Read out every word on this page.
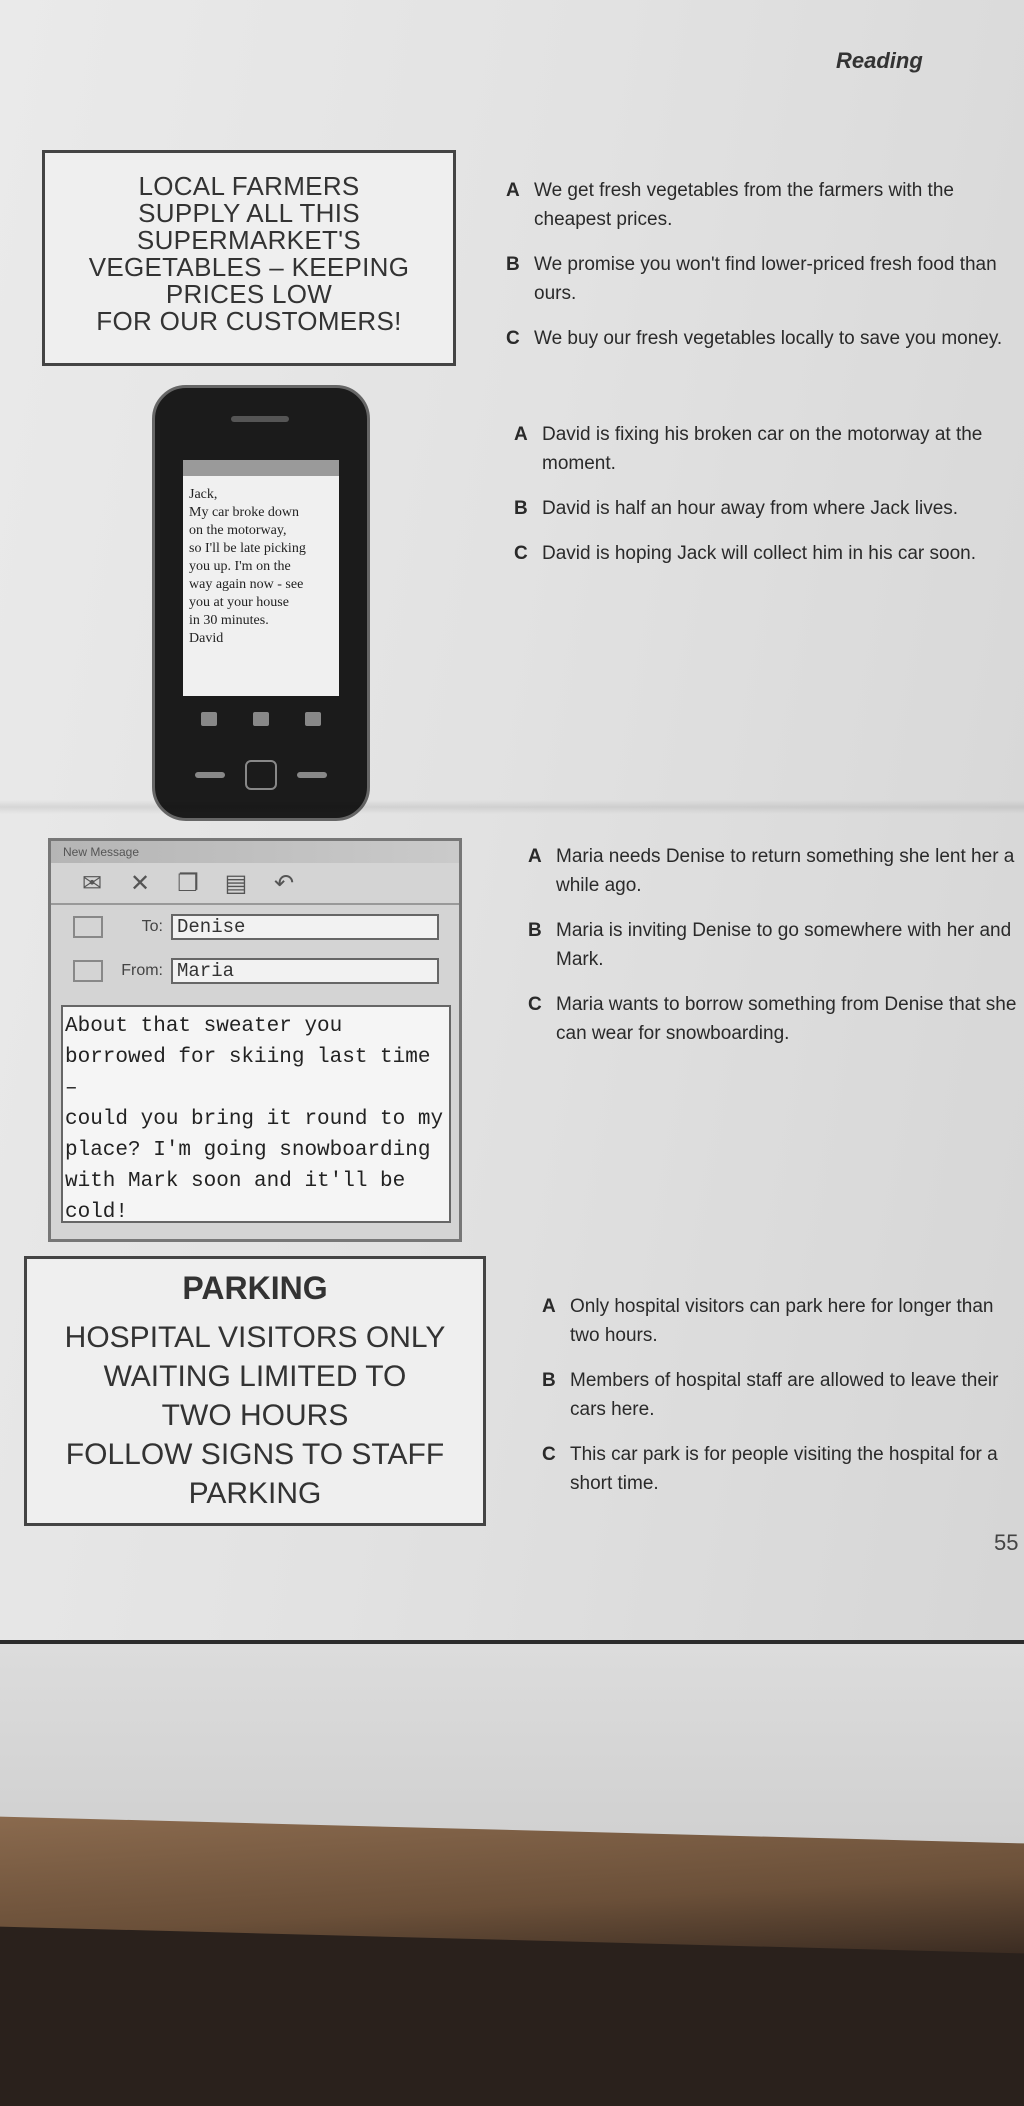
Reading
LOCAL FARMERS
SUPPLY ALL THIS
SUPERMARKET'S
VEGETABLES – KEEPING
PRICES LOW
FOR OUR CUSTOMERS!
A We get fresh vegetables from the farmers with the cheapest prices.
B We promise you won't find lower-priced fresh food than ours.
C We buy our fresh vegetables locally to save you money.
Jack,
My car broke down
on the motorway,
so I'll be late picking
you up. I'm on the
way again now - see
you at your house
in 30 minutes.
David
A David is fixing his broken car on the motorway at the moment.
B David is half an hour away from where Jack lives.
C David is hoping Jack will collect him in his car soon.
New Message
✉ ✕ ❐ ▤ ↶
To: Denise
From: Maria
About that sweater you
borrowed for skiing last time –
could you bring it round to my
place? I'm going snowboarding
with Mark soon and it'll be
cold!
A Maria needs Denise to return something she lent her a while ago.
B Maria is inviting Denise to go somewhere with her and Mark.
C Maria wants to borrow something from Denise that she can wear for snowboarding.
PARKING
HOSPITAL VISITORS ONLY
WAITING LIMITED TO
TWO HOURS
FOLLOW SIGNS TO STAFF
PARKING
A Only hospital visitors can park here for longer than two hours.
B Members of hospital staff are allowed to leave their cars here.
C This car park is for people visiting the hospital for a short time.
55
